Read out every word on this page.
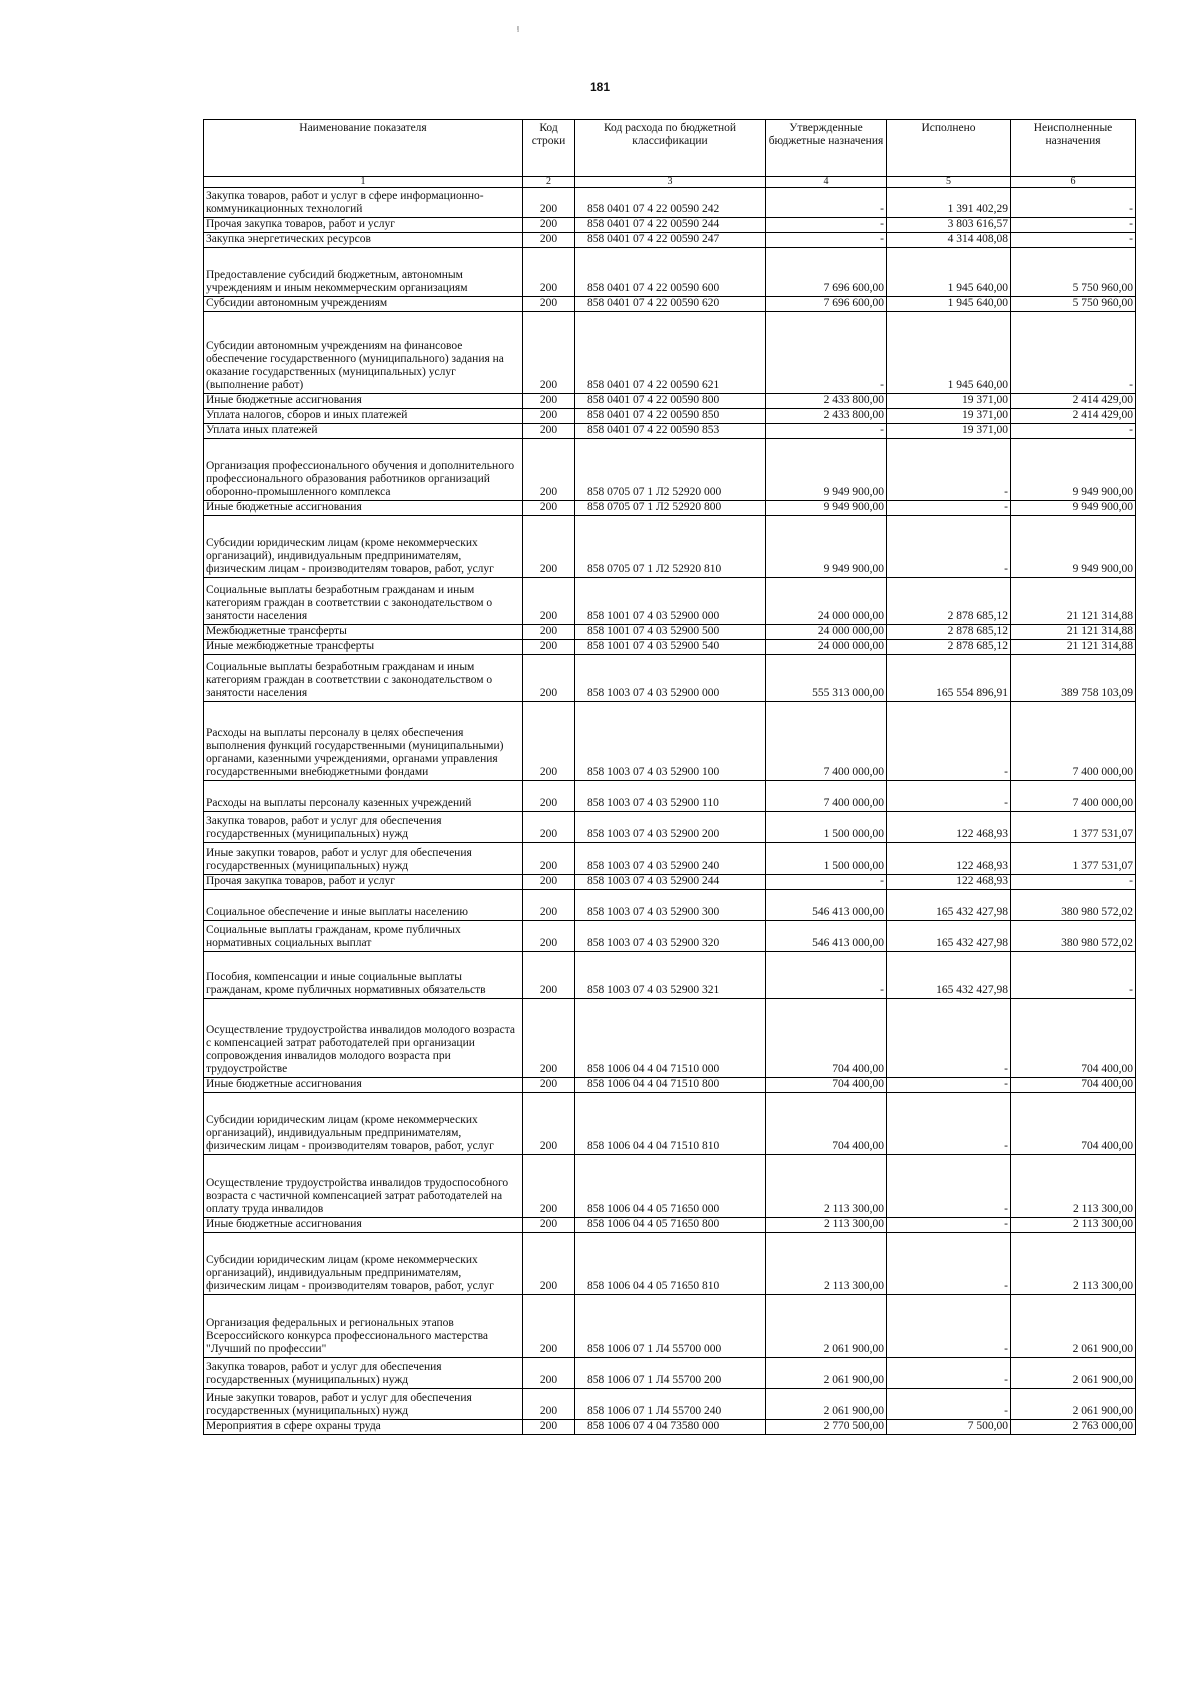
ᵎ
181
Наименование показателя	Код строки	Код расхода по бюджетной классификации	Утвержденные бюджетные назначения	Исполнено	Неисполненные назначения
1	2	3	4	5	6
Закупка товаров, работ и услуг в сфере информационно-коммуникационных технологий	200	858 0401 07 4 22 00590 242	-	1 391 402,29	-
Прочая закупка товаров, работ и услуг	200	858 0401 07 4 22 00590 244	-	3 803 616,57	-
Закупка энергетических ресурсов	200	858 0401 07 4 22 00590 247	-	4 314 408,08	-
Предоставление субсидий бюджетным, автономным учреждениям и иным некоммерческим организациям	200	858 0401 07 4 22 00590 600	7 696 600,00	1 945 640,00	5 750 960,00
Субсидии автономным учреждениям	200	858 0401 07 4 22 00590 620	7 696 600,00	1 945 640,00	5 750 960,00
Субсидии автономным учреждениям на финансовое обеспечение государственного (муниципального) задания на оказание государственных (муниципальных) услуг (выполнение работ)	200	858 0401 07 4 22 00590 621	-	1 945 640,00	-
Иные бюджетные ассигнования	200	858 0401 07 4 22 00590 800	2 433 800,00	19 371,00	2 414 429,00
Уплата налогов, сборов и иных платежей	200	858 0401 07 4 22 00590 850	2 433 800,00	19 371,00	2 414 429,00
Уплата иных платежей	200	858 0401 07 4 22 00590 853	-	19 371,00	-
Организация профессионального обучения и дополнительного профессионального образования работников организаций оборонно-промышленного комплекса	200	858 0705 07 1 Л2 52920 000	9 949 900,00	-	9 949 900,00
Иные бюджетные ассигнования	200	858 0705 07 1 Л2 52920 800	9 949 900,00	-	9 949 900,00
Субсидии юридическим лицам (кроме некоммерческих организаций), индивидуальным предпринимателям, физическим лицам - производителям товаров, работ, услуг	200	858 0705 07 1 Л2 52920 810	9 949 900,00	-	9 949 900,00
Социальные выплаты безработным гражданам и иным категориям граждан в соответствии с законодательством о занятости населения	200	858 1001 07 4 03 52900 000	24 000 000,00	2 878 685,12	21 121 314,88
Межбюджетные трансферты	200	858 1001 07 4 03 52900 500	24 000 000,00	2 878 685,12	21 121 314,88
Иные межбюджетные трансферты	200	858 1001 07 4 03 52900 540	24 000 000,00	2 878 685,12	21 121 314,88
Социальные выплаты безработным гражданам и иным категориям граждан в соответствии с законодательством о занятости населения	200	858 1003 07 4 03 52900 000	555 313 000,00	165 554 896,91	389 758 103,09
Расходы на выплаты персоналу в целях обеспечения выполнения функций государственными (муниципальными) органами, казенными учреждениями, органами управления государственными внебюджетными фондами	200	858 1003 07 4 03 52900 100	7 400 000,00	-	7 400 000,00
Расходы на выплаты персоналу казенных учреждений	200	858 1003 07 4 03 52900 110	7 400 000,00	-	7 400 000,00
Закупка товаров, работ и услуг для обеспечения государственных (муниципальных) нужд	200	858 1003 07 4 03 52900 200	1 500 000,00	122 468,93	1 377 531,07
Иные закупки товаров, работ и услуг для обеспечения государственных (муниципальных) нужд	200	858 1003 07 4 03 52900 240	1 500 000,00	122 468,93	1 377 531,07
Прочая закупка товаров, работ и услуг	200	858 1003 07 4 03 52900 244	-	122 468,93	-
Социальное обеспечение и иные выплаты населению	200	858 1003 07 4 03 52900 300	546 413 000,00	165 432 427,98	380 980 572,02
Социальные выплаты гражданам, кроме публичных нормативных социальных выплат	200	858 1003 07 4 03 52900 320	546 413 000,00	165 432 427,98	380 980 572,02
Пособия, компенсации и иные социальные выплаты гражданам, кроме публичных нормативных обязательств	200	858 1003 07 4 03 52900 321	-	165 432 427,98	-
Осуществление трудоустройства инвалидов молодого возраста с компенсацией затрат работодателей при организации сопровождения инвалидов молодого возраста при трудоустройстве	200	858 1006 04 4 04 71510 000	704 400,00	-	704 400,00
Иные бюджетные ассигнования	200	858 1006 04 4 04 71510 800	704 400,00	-	704 400,00
Субсидии юридическим лицам (кроме некоммерческих организаций), индивидуальным предпринимателям, физическим лицам - производителям товаров, работ, услуг	200	858 1006 04 4 04 71510 810	704 400,00	-	704 400,00
Осуществление трудоустройства инвалидов трудоспособного возраста с частичной компенсацией затрат работодателей на оплату труда инвалидов	200	858 1006 04 4 05 71650 000	2 113 300,00	-	2 113 300,00
Иные бюджетные ассигнования	200	858 1006 04 4 05 71650 800	2 113 300,00	-	2 113 300,00
Субсидии юридическим лицам (кроме некоммерческих организаций), индивидуальным предпринимателям, физическим лицам - производителям товаров, работ, услуг	200	858 1006 04 4 05 71650 810	2 113 300,00	-	2 113 300,00
Организация федеральных и региональных этапов Всероссийского конкурса профессионального мастерства "Лучший по профессии"	200	858 1006 07 1 Л4 55700 000	2 061 900,00	-	2 061 900,00
Закупка товаров, работ и услуг для обеспечения государственных (муниципальных) нужд	200	858 1006 07 1 Л4 55700 200	2 061 900,00	-	2 061 900,00
Иные закупки товаров, работ и услуг для обеспечения государственных (муниципальных) нужд	200	858 1006 07 1 Л4 55700 240	2 061 900,00	-	2 061 900,00
Мероприятия в сфере охраны труда	200	858 1006 07 4 04 73580 000	2 770 500,00	7 500,00	2 763 000,00
